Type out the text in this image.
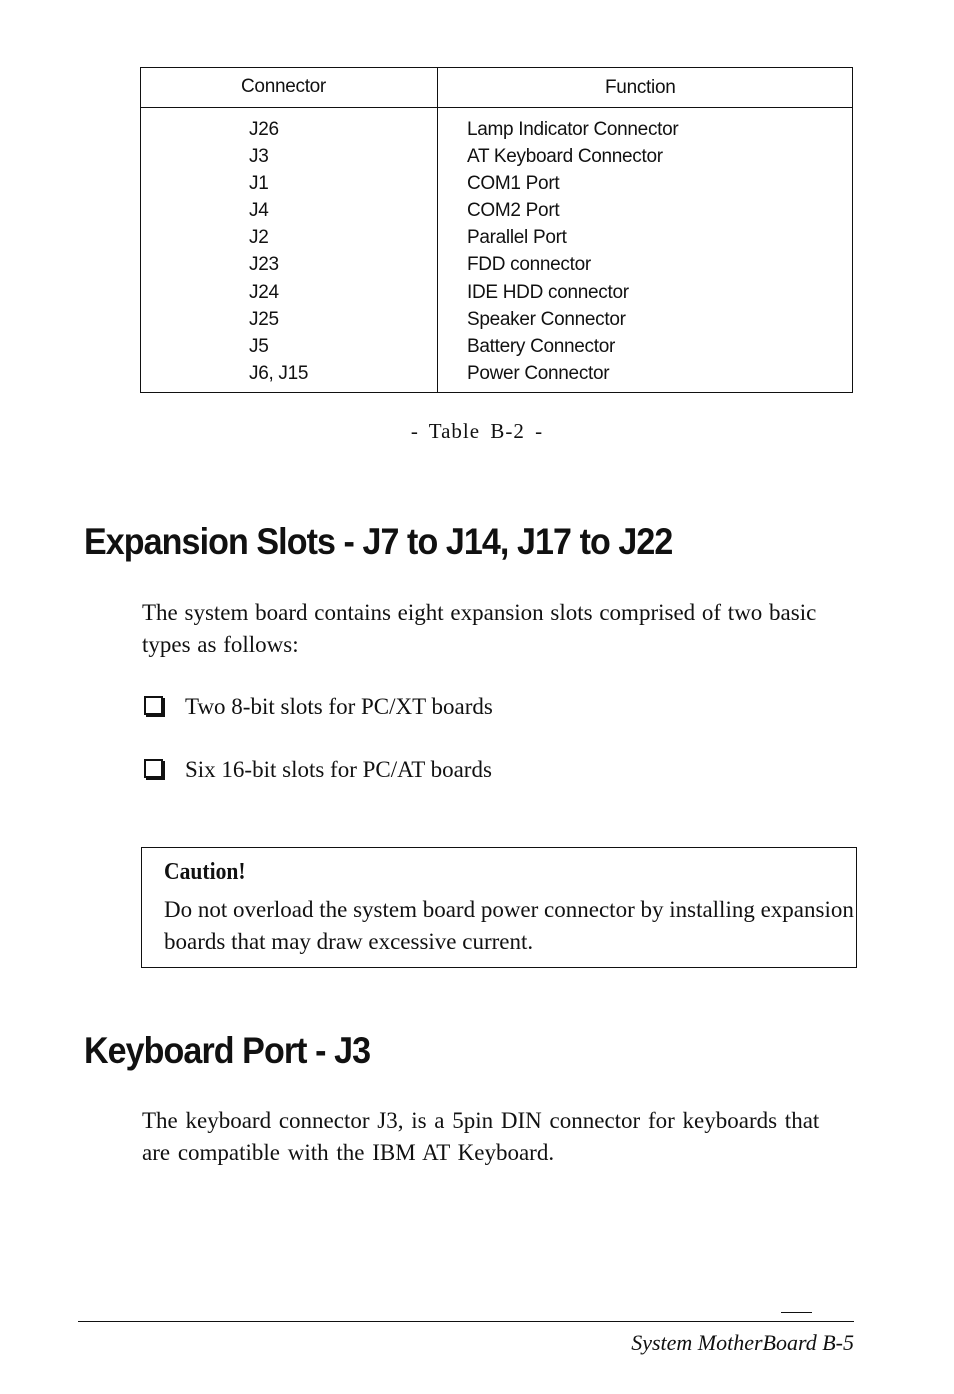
Connector	Function
J26
J3
J1
J4
J2
J23
J24
J25
J5
J6, J15
Lamp Indicator Connector
AT Keyboard Connector
COM1 Port
COM2 Port
Parallel Port
FDD connector
IDE HDD connector
Speaker Connector
Battery Connector
Power Connector
- Table B-2 -
Expansion Slots - J7 to J14, J17 to J22

The system board contains eight expansion slots comprised of two basic types as follows:

Two 8-bit slots for PC/XT boards
Six 16-bit slots for PC/AT boards
Caution!

Do not overload the system board power connector by installing expansion boards that may draw excessive current.

Keyboard Port - J3

The keyboard connector J3, is a 5pin DIN connector for keyboards that are compatible with the IBM AT Keyboard.

System MotherBoard B-5
